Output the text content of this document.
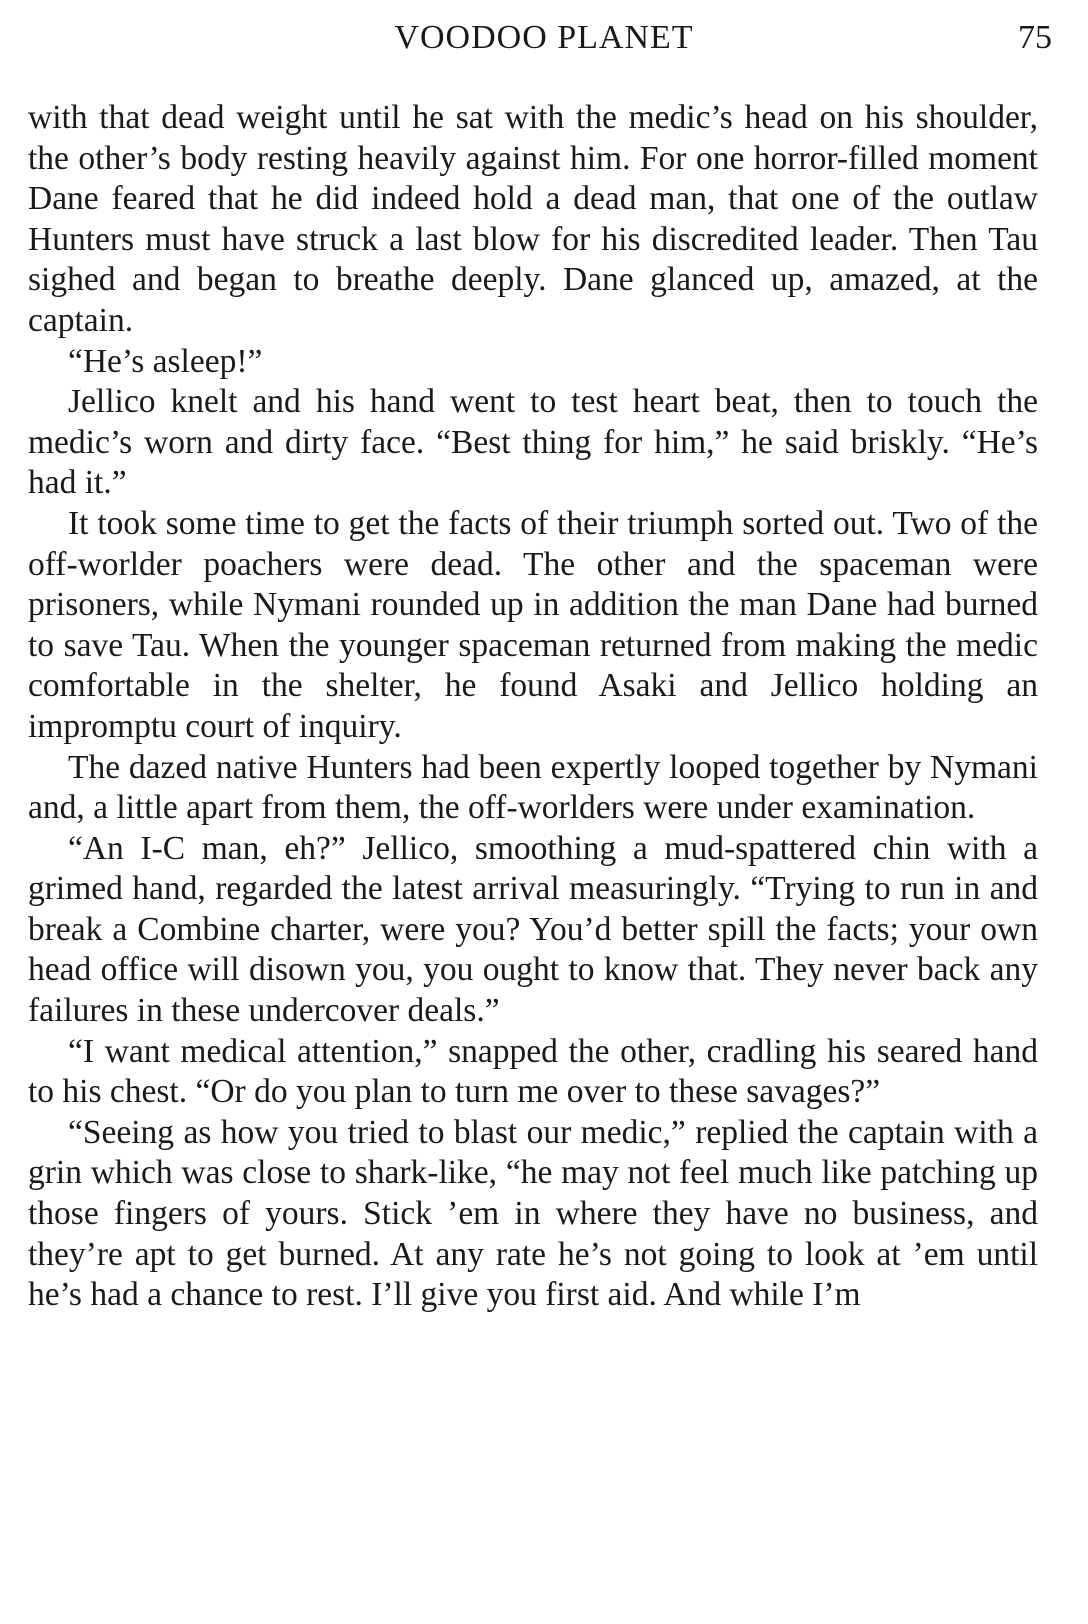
VOODOO PLANET	75

with that dead weight until he sat with the medic’s head on his shoulder, the other’s body resting heavily against him. For one horror-filled moment Dane feared that he did indeed hold a dead man, that one of the outlaw Hunters must have struck a last blow for his discredited leader. Then Tau sighed and began to breathe deeply. Dane glanced up, amazed, at the captain.

“He’s asleep!”

Jellico knelt and his hand went to test heart beat, then to touch the medic’s worn and dirty face. “Best thing for him,” he said briskly. “He’s had it.”

It took some time to get the facts of their triumph sorted out. Two of the off-worlder poachers were dead. The other and the spaceman were prisoners, while Nymani rounded up in addition the man Dane had burned to save Tau. When the younger spaceman returned from making the medic comfortable in the shelter, he found Asaki and Jellico holding an impromptu court of inquiry.

The dazed native Hunters had been expertly looped together by Nymani and, a little apart from them, the off-worlders were under examination.

“An I-C man, eh?” Jellico, smoothing a mud-spattered chin with a grimed hand, regarded the latest arrival measuringly. “Trying to run in and break a Combine charter, were you? You’d better spill the facts; your own head office will disown you, you ought to know that. They never back any failures in these undercover deals.”

“I want medical attention,” snapped the other, cradling his seared hand to his chest. “Or do you plan to turn me over to these savages?”

“Seeing as how you tried to blast our medic,” replied the captain with a grin which was close to shark-like, “he may not feel much like patching up those fingers of yours. Stick ’em in where they have no business, and they’re apt to get burned. At any rate he’s not going to look at ’em until he’s had a chance to rest. I’ll give you first aid. And while I’m
